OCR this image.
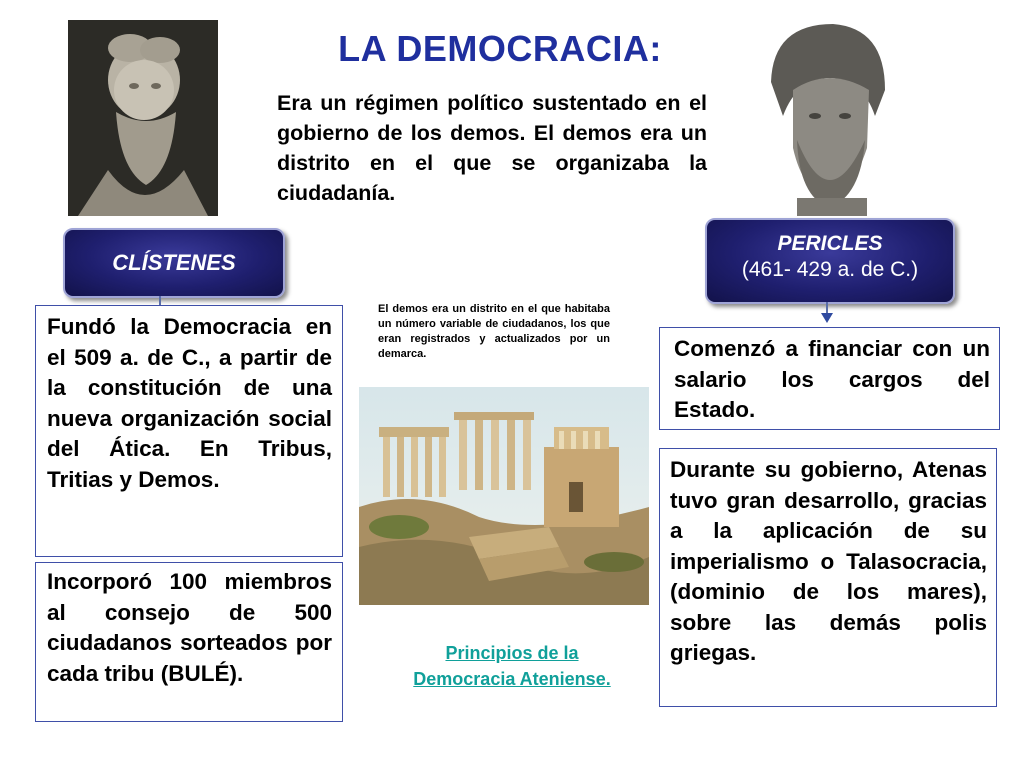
LA DEMOCRACIA:
Era un régimen político sustentado en el gobierno de los demos. El demos era un distrito en el que se organizaba la ciudadanía.
CLÍSTENES
PERICLES
(461- 429 a. de C.)
Fundó la Democracia en el 509 a. de C., a partir de la constitución de una nueva organización social del Ática. En Tribus, Tritias y Demos.
Incorporó 100 miembros al consejo de 500 ciudadanos sorteados por cada tribu (BULÉ).
Comenzó a financiar con un salario los cargos del Estado.
Durante su gobierno, Atenas tuvo gran desarrollo, gracias a la aplicación de su imperialismo o Talasocracia, (dominio de los mares), sobre las demás polis griegas.
El demos era un distrito en el que habitaba un número variable de ciudadanos, los que eran registrados y actualizados por un demarca.
Principios de la Democracia Ateniense.
